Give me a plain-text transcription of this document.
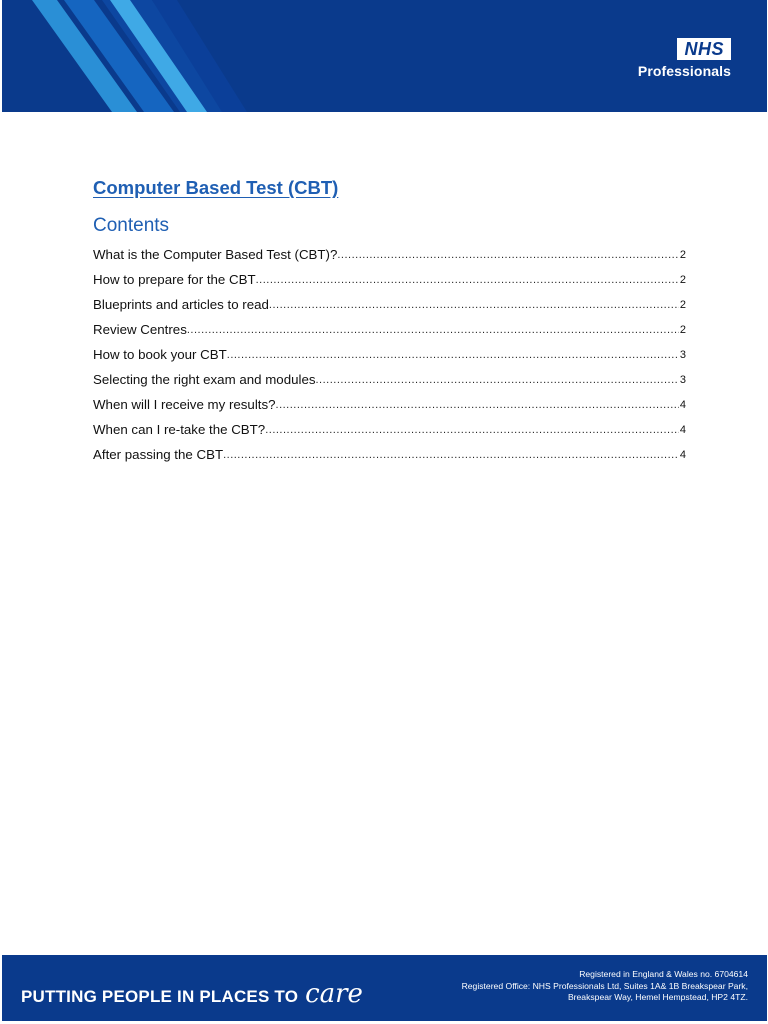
NHS
Professionals
Computer Based Test (CBT)
Contents
What is the Computer Based Test (CBT)? .....	2
How to prepare for the CBT .....	2
Blueprints and articles to read .....	2
Review Centres .....	2
How to book your CBT .....	3
Selecting the right exam and modules .....	3
When will I receive my results? .....	4
When can I re-take the CBT? .....	4
After passing the CBT .....	4
PUTTING PEOPLE IN PLACES TO care
Registered in England & Wales no. 6704614
Registered Office: NHS Professionals Ltd, Suites 1A& 1B Breakspear Park,
Breakspear Way, Hemel Hempstead, HP2 4TZ.
